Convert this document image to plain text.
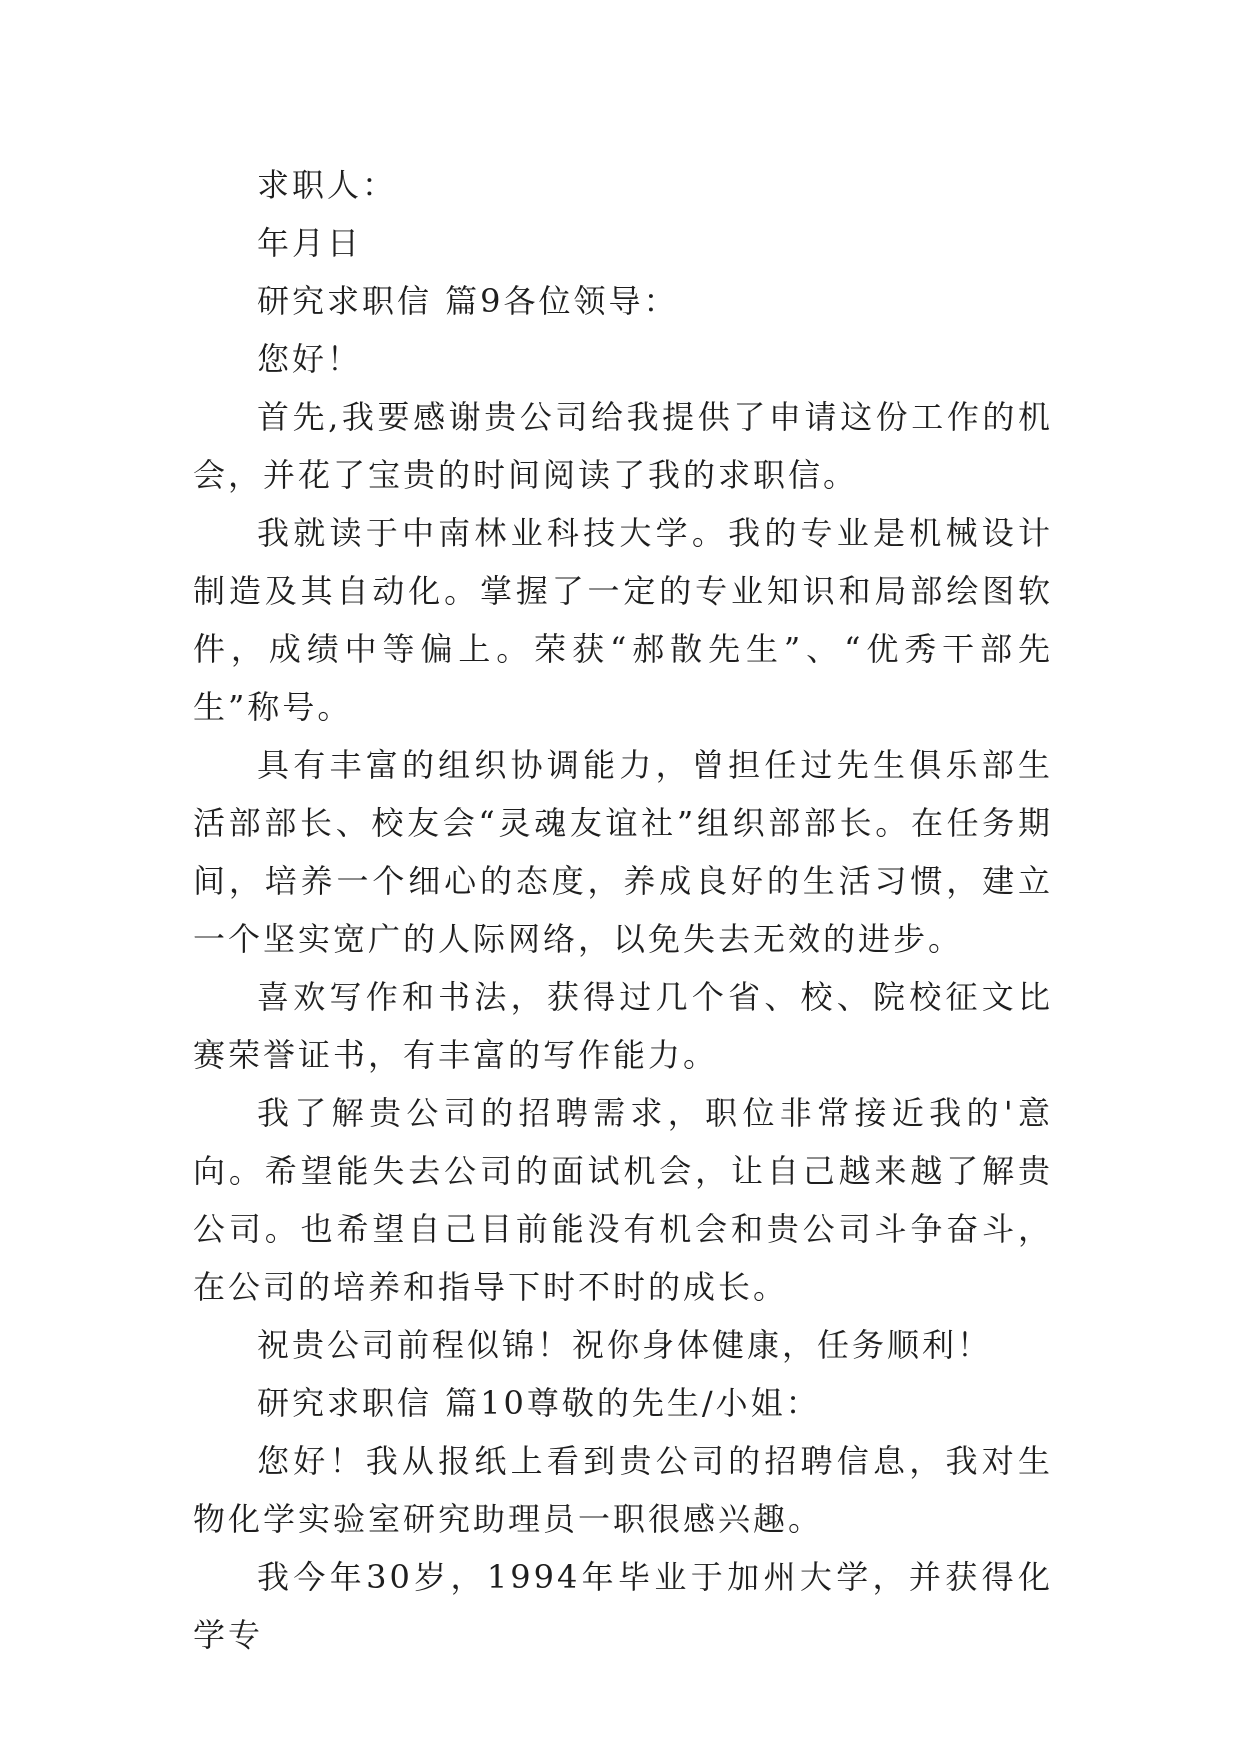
求职人：

年月日

研究求职信 篇9各位领导：

您好！

首先,我要感谢贵公司给我提供了申请这份工作的机会，并花了宝贵的时间阅读了我的求职信。

我就读于中南林业科技大学。我的专业是机械设计制造及其自动化。掌握了一定的专业知识和局部绘图软件，成绩中等偏上。荣获“郝散先生”、“优秀干部先生”称号。

具有丰富的组织协调能力，曾担任过先生俱乐部生活部部长、校友会“灵魂友谊社”组织部部长。在任务期间，培养一个细心的态度，养成良好的生活习惯，建立一个坚实宽广的人际网络，以免失去无效的进步。

喜欢写作和书法，获得过几个省、校、院校征文比赛荣誉证书，有丰富的写作能力。

我了解贵公司的招聘需求，职位非常接近我的'意向。希望能失去公司的面试机会，让自己越来越了解贵公司。也希望自己目前能没有机会和贵公司斗争奋斗，在公司的培养和指导下时不时的成长。

祝贵公司前程似锦！祝你身体健康，任务顺利！

研究求职信 篇10尊敬的先生/小姐：

您好！我从报纸上看到贵公司的招聘信息，我对生物化学实验室研究助理员一职很感兴趣。

我今年30岁，1994年毕业于加州大学，并获得化学专
